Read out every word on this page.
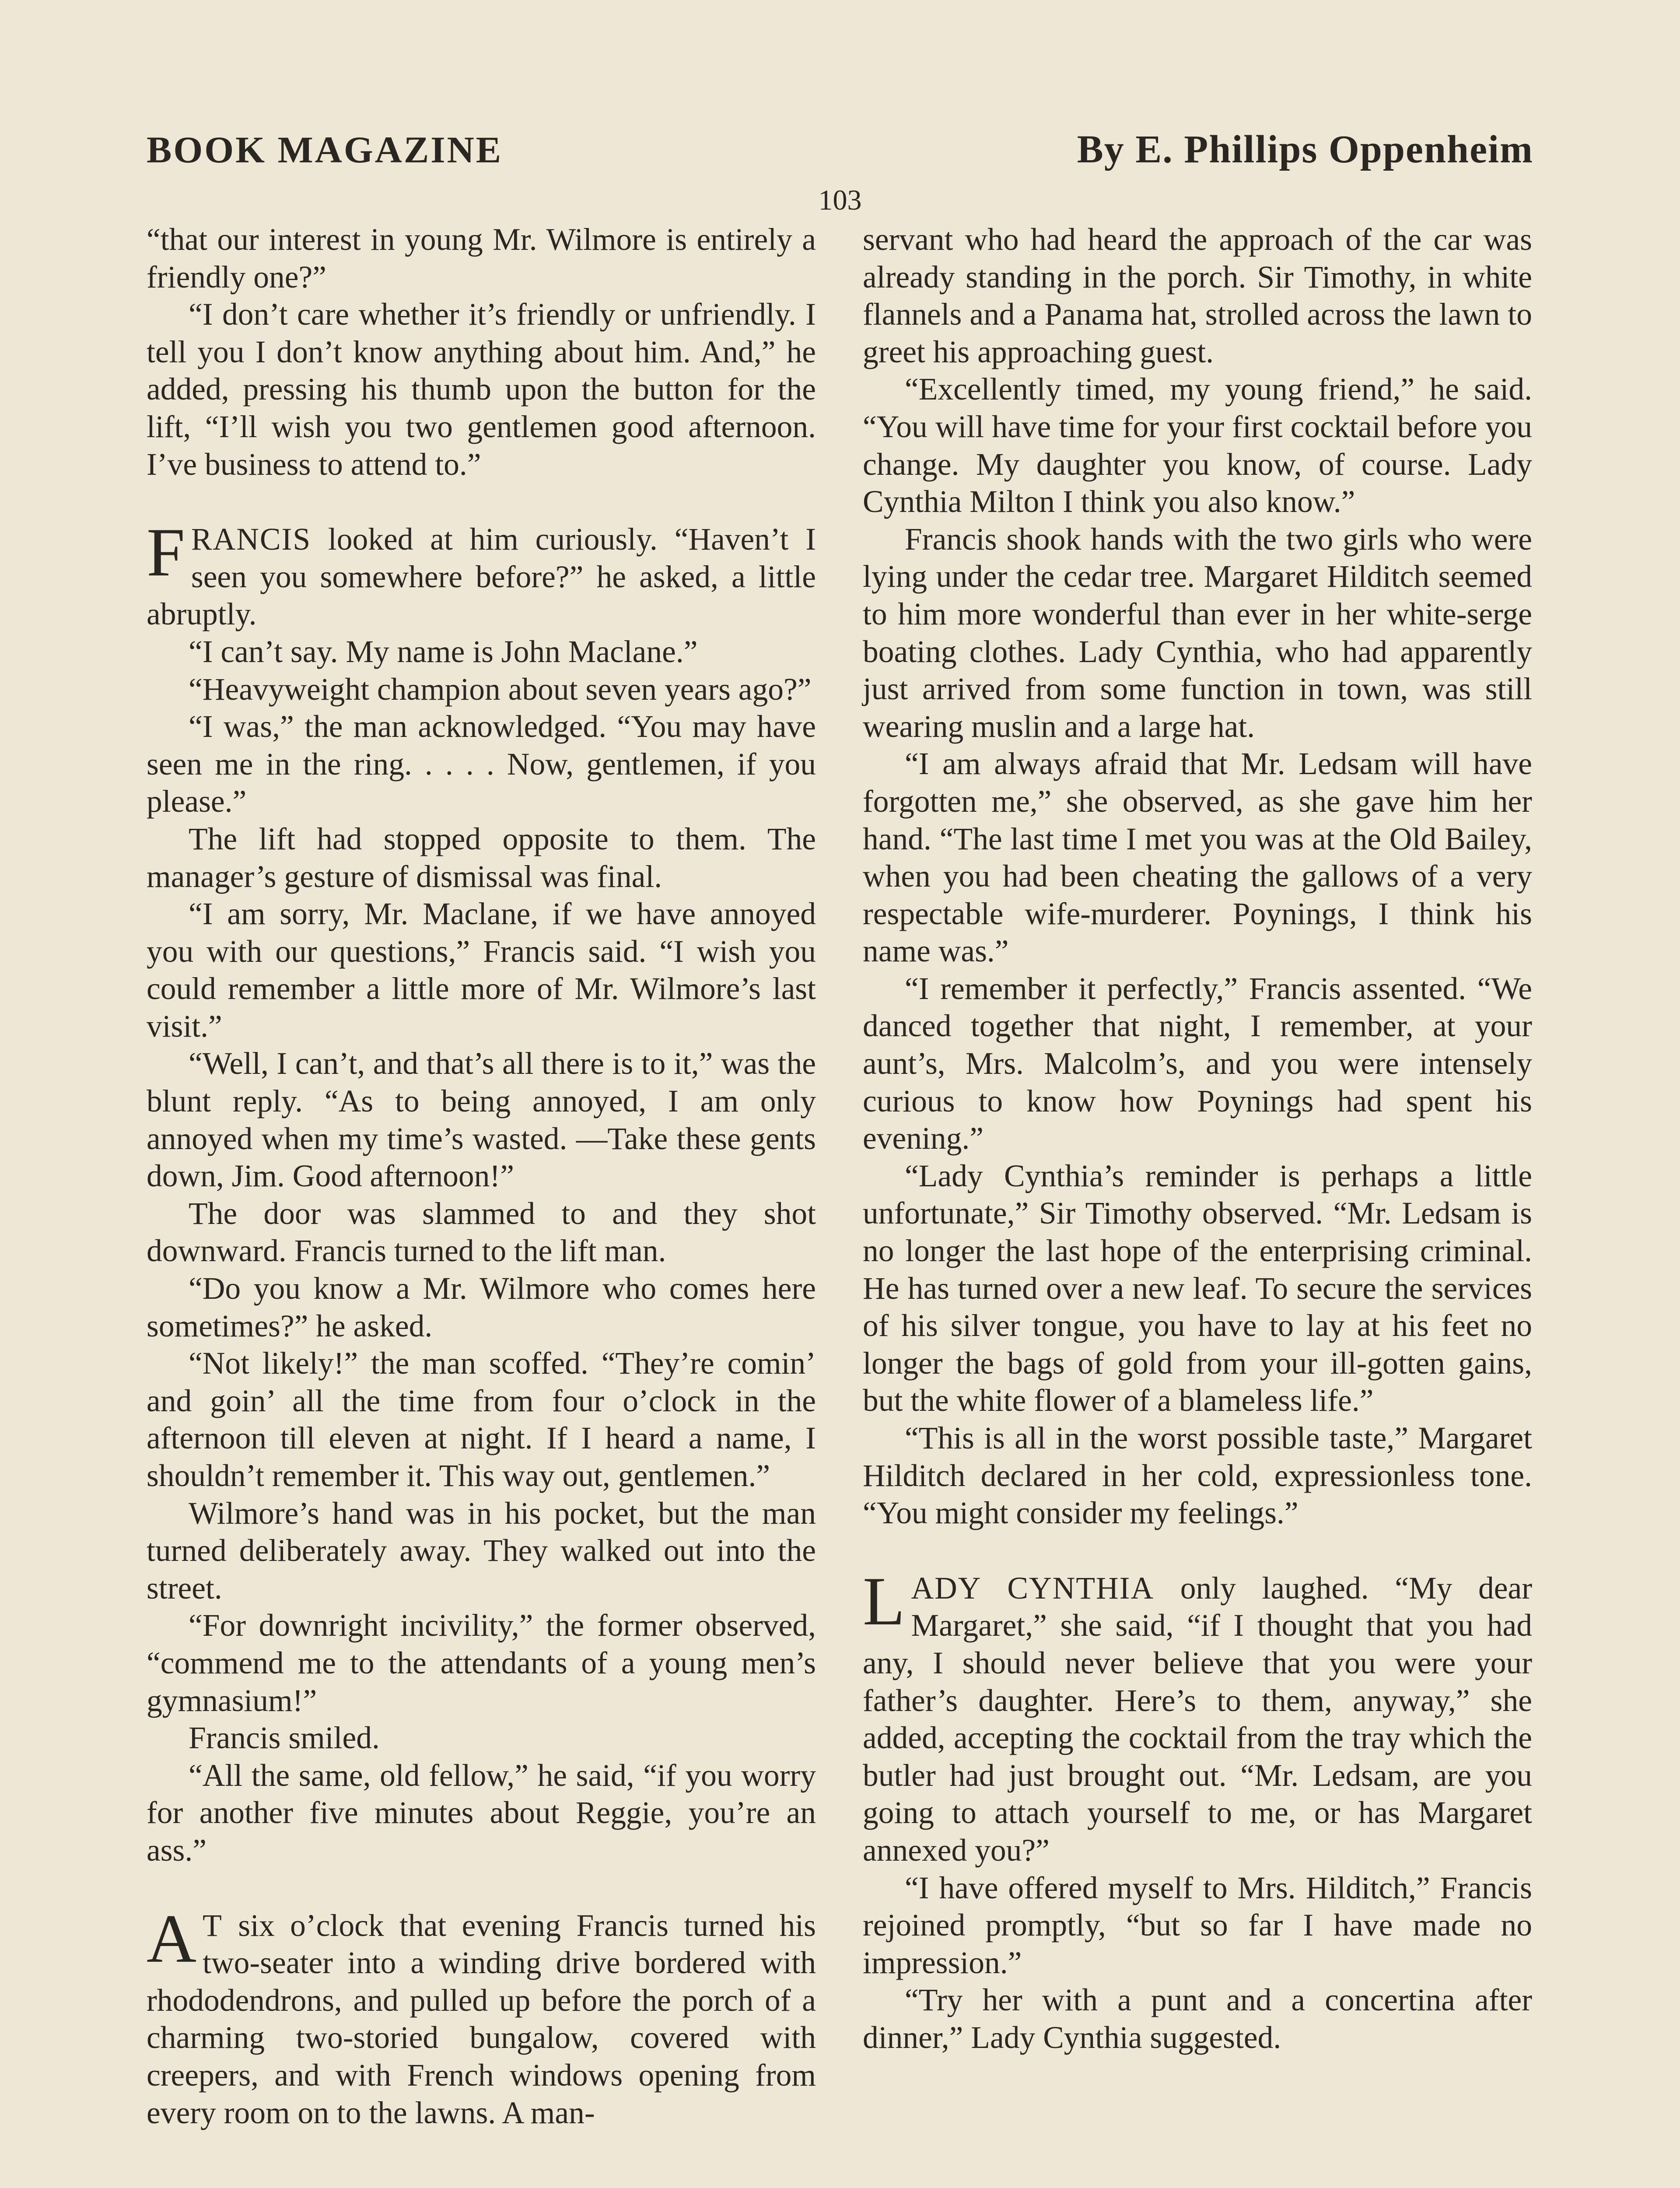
BOOK MAGAZINE	By E. Phillips Oppenheim
103

“that our interest in young Mr. Wilmore is entirely a friendly one?”

“I don’t care whether it’s friendly or unfriendly. I tell you I don’t know anything about him. And,” he added, pressing his thumb upon the button for the lift, “I’ll wish you two gentlemen good afternoon. I’ve business to attend to.”

FRANCIS looked at him curiously. “Haven’t I seen you somewhere before?” he asked, a little abruptly.

“I can’t say. My name is John Maclane.”

“Heavyweight champion about seven years ago?”

“I was,” the man acknowledged. “You may have seen me in the ring. . . . . Now, gentlemen, if you please.”

The lift had stopped opposite to them. The manager’s gesture of dismissal was final.

“I am sorry, Mr. Maclane, if we have annoyed you with our questions,” Francis said. “I wish you could remember a little more of Mr. Wilmore’s last visit.”

“Well, I can’t, and that’s all there is to it,” was the blunt reply. “As to being annoyed, I am only annoyed when my time’s wasted. —Take these gents down, Jim. Good afternoon!”

The door was slammed to and they shot downward. Francis turned to the lift man.

“Do you know a Mr. Wilmore who comes here sometimes?” he asked.

“Not likely!” the man scoffed. “They’re comin’ and goin’ all the time from four o’clock in the afternoon till eleven at night. If I heard a name, I shouldn’t remember it. This way out, gentlemen.”

Wilmore’s hand was in his pocket, but the man turned deliberately away. They walked out into the street.

“For downright incivility,” the former observed, “commend me to the attendants of a young men’s gymnasium!”

Francis smiled.

“All the same, old fellow,” he said, “if you worry for another five minutes about Reggie, you’re an ass.”

A T six o’clock that evening Francis turned his two-seater into a winding drive bordered with rhododendrons, and pulled up before the porch of a charming two-storied bungalow, covered with creepers, and with French windows opening from every room on to the lawns. A man-

servant who had heard the approach of the car was already standing in the porch. Sir Timothy, in white flannels and a Panama hat, strolled across the lawn to greet his approaching guest.

“Excellently timed, my young friend,” he said. “You will have time for your first cocktail before you change. My daughter you know, of course. Lady Cynthia Milton I think you also know.”

Francis shook hands with the two girls who were lying under the cedar tree. Margaret Hilditch seemed to him more wonderful than ever in her white-serge boating clothes. Lady Cynthia, who had apparently just arrived from some function in town, was still wearing muslin and a large hat.

“I am always afraid that Mr. Ledsam will have forgotten me,” she observed, as she gave him her hand. “The last time I met you was at the Old Bailey, when you had been cheating the gallows of a very respectable wife-murderer. Poynings, I think his name was.”

“I remember it perfectly,” Francis assented. “We danced together that night, I remember, at your aunt’s, Mrs. Malcolm’s, and you were intensely curious to know how Poynings had spent his evening.”

“Lady Cynthia’s reminder is perhaps a little unfortunate,” Sir Timothy observed. “Mr. Ledsam is no longer the last hope of the enterprising criminal. He has turned over a new leaf. To secure the services of his silver tongue, you have to lay at his feet no longer the bags of gold from your ill-gotten gains, but the white flower of a blameless life.”

“This is all in the worst possible taste,” Margaret Hilditch declared in her cold, expressionless tone. “You might consider my feelings.”

LADY CYNTHIA only laughed. “My dear Margaret,” she said, “if I thought that you had any, I should never believe that you were your father’s daughter. Here’s to them, anyway,” she added, accepting the cocktail from the tray which the butler had just brought out. “Mr. Ledsam, are you going to attach yourself to me, or has Margaret annexed you?”

“I have offered myself to Mrs. Hilditch,” Francis rejoined promptly, “but so far I have made no impression.”

“Try her with a punt and a concertina after dinner,” Lady Cynthia suggested.
